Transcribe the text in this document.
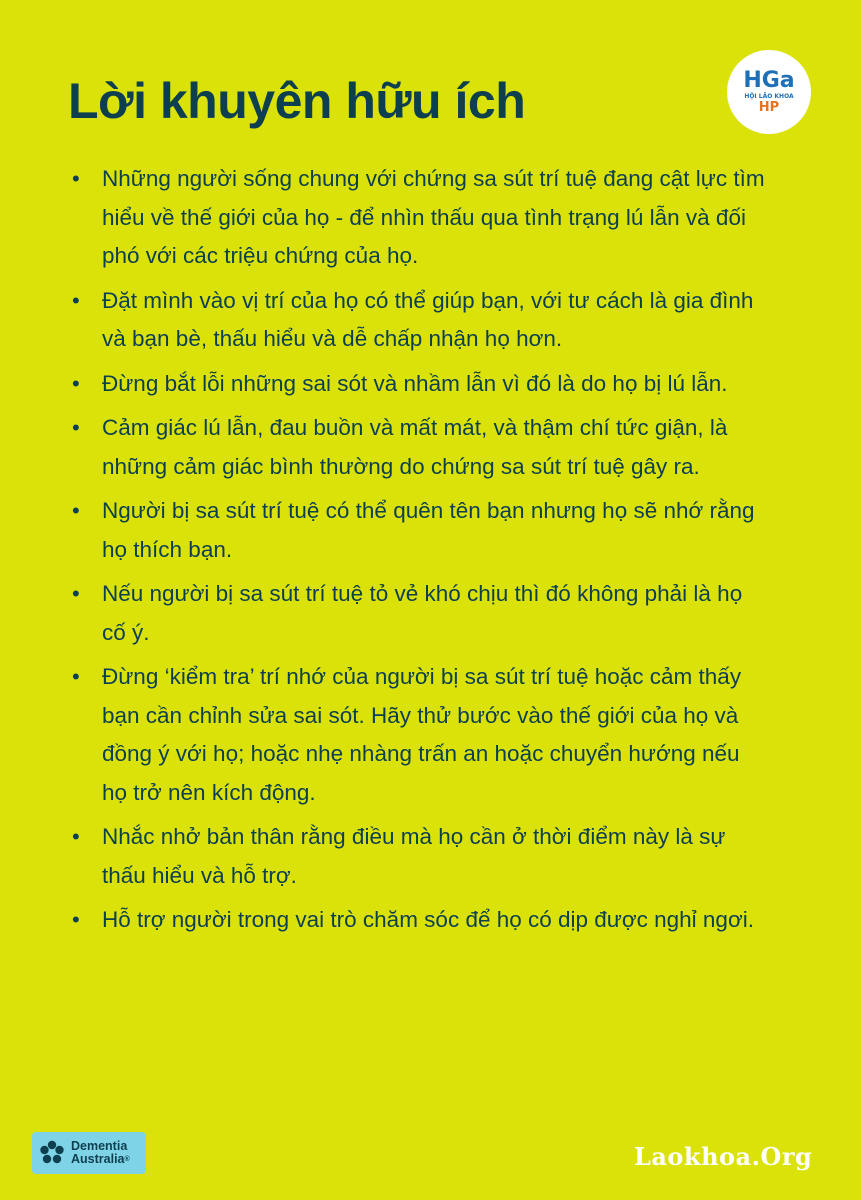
Lời khuyên hữu ích	HGa
HỘI LÃO KHOA
HP
• Những người sống chung với chứng sa sút trí tuệ đang cật lực tìm hiểu về thế giới của họ - để nhìn thấu qua tình trạng lú lẫn và đối phó với các triệu chứng của họ.
• Đặt mình vào vị trí của họ có thể giúp bạn, với tư cách là gia đình và bạn bè, thấu hiểu và dễ chấp nhận họ hơn.
• Đừng bắt lỗi những sai sót và nhầm lẫn vì đó là do họ bị lú lẫn.
• Cảm giác lú lẫn, đau buồn và mất mát, và thậm chí tức giận, là những cảm giác bình thường do chứng sa sút trí tuệ gây ra.
• Người bị sa sút trí tuệ có thể quên tên bạn nhưng họ sẽ nhớ rằng họ thích bạn.
• Nếu người bị sa sút trí tuệ tỏ vẻ khó chịu thì đó không phải là họ cố ý.
• Đừng ‘kiểm tra’ trí nhớ của người bị sa sút trí tuệ hoặc cảm thấy bạn cần chỉnh sửa sai sót. Hãy thử bước vào thế giới của họ và đồng ý với họ; hoặc nhẹ nhàng trấn an hoặc chuyển hướng nếu họ trở nên kích động.
• Nhắc nhở bản thân rằng điều mà họ cần ở thời điểm này là sự thấu hiểu và hỗ trợ.
• Hỗ trợ người trong vai trò chăm sóc để họ có dịp được nghỉ ngơi.
Dementia
Australia®	Laokhoa.Org
